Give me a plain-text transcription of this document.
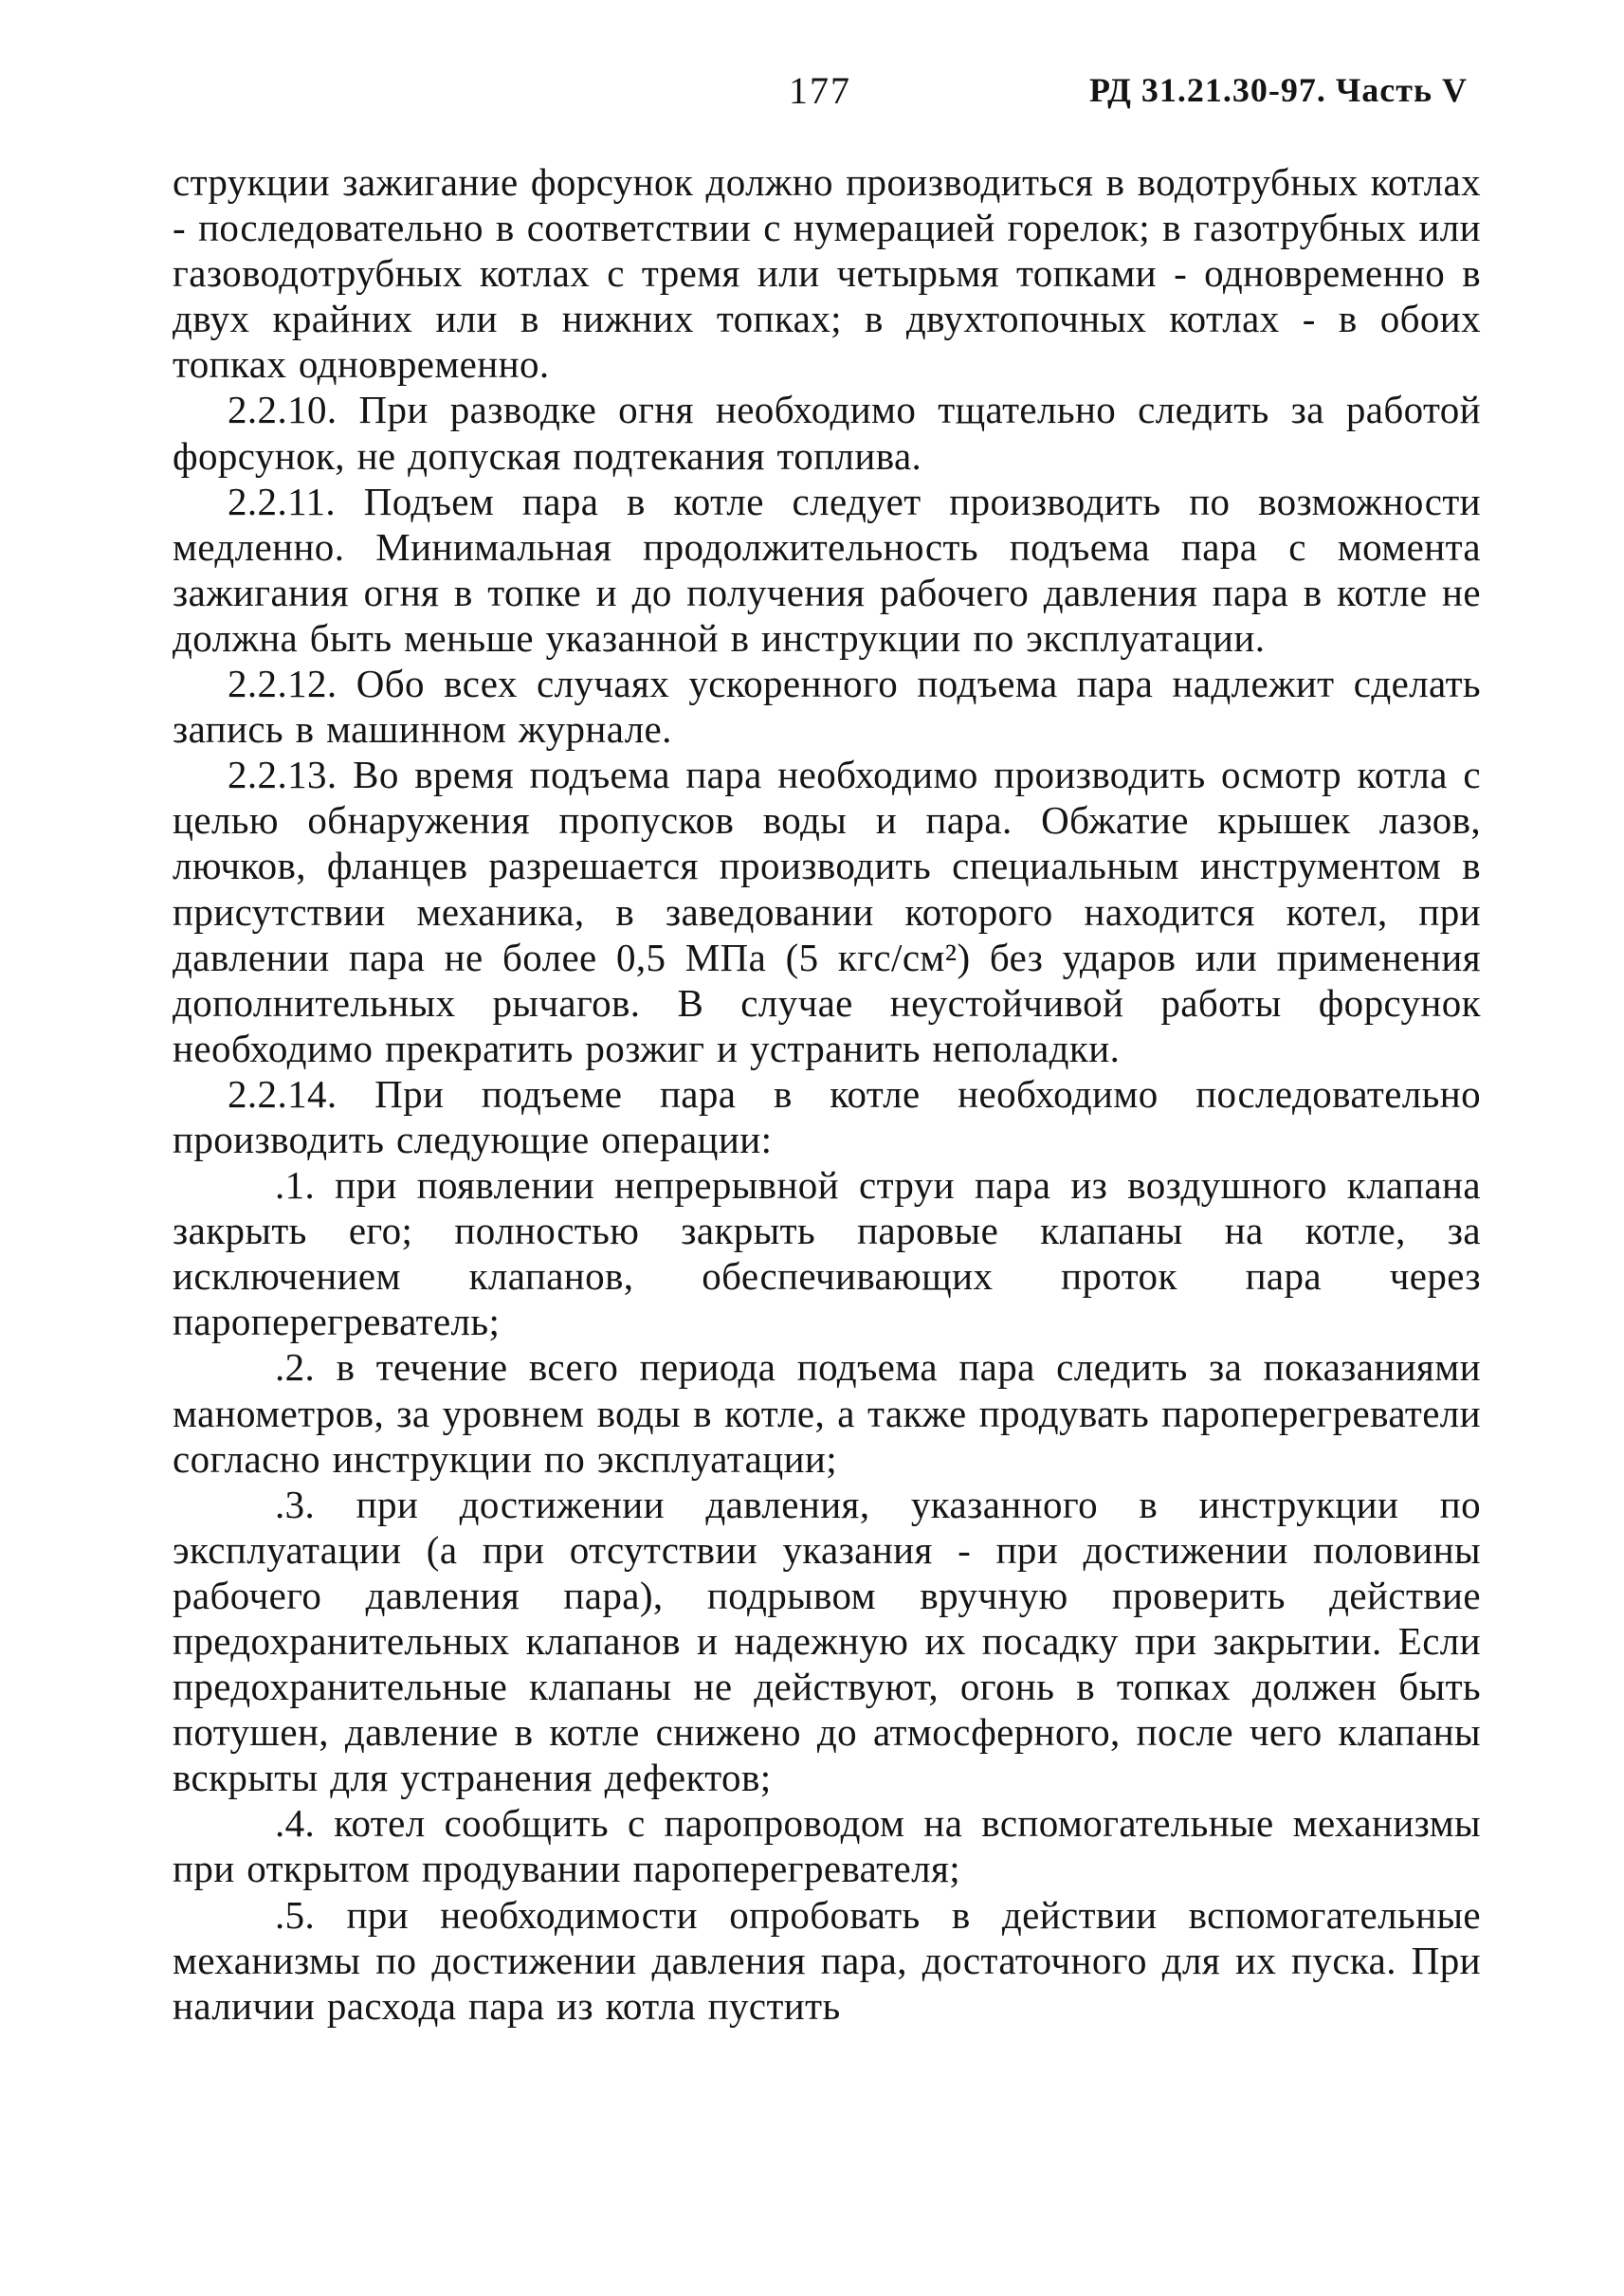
177	РД 31.21.30-97. Часть V

струкции зажигание форсунок должно производиться в водотрубных котлах - последовательно в соответствии с нумерацией горелок; в газотрубных или газоводотрубных котлах с тремя или четырьмя топками - одновременно в двух крайних или в нижних топках; в двухтопочных котлах - в обоих топках одновременно.

2.2.10. При разводке огня необходимо тщательно следить за работой форсунок, не допуская подтекания топлива.

2.2.11. Подъем пара в котле следует производить по возможности медленно. Минимальная продолжительность подъема пара с момента зажигания огня в топке и до получения рабочего давления пара в котле не должна быть меньше указанной в инструкции по эксплуатации.

2.2.12. Обо всех случаях ускоренного подъема пара надлежит сделать запись в машинном журнале.

2.2.13. Во время подъема пара необходимо производить осмотр котла с целью обнаружения пропусков воды и пара. Обжатие крышек лазов, лючков, фланцев разрешается производить специальным инструментом в присутствии механика, в заведовании которого находится котел, при давлении пара не более 0,5 МПа (5 кгс/см²) без ударов или применения дополнительных рычагов. В случае неустойчивой работы форсунок необходимо прекратить розжиг и устранить неполадки.

2.2.14. При подъеме пара в котле необходимо последовательно производить следующие операции:

.1. при появлении непрерывной струи пара из воздушного клапана закрыть его; полностью закрыть паровые клапаны на котле, за исключением клапанов, обеспечивающих проток пара через пароперегреватель;

.2. в течение всего периода подъема пара следить за показаниями манометров, за уровнем воды в котле, а также продувать пароперегреватели согласно инструкции по эксплуатации;

.3. при достижении давления, указанного в инструкции по эксплуатации (а при отсутствии указания - при достижении половины рабочего давления пара), подрывом вручную проверить действие предохранительных клапанов и надежную их посадку при закрытии. Если предохранительные клапаны не действуют, огонь в топках должен быть потушен, давление в котле снижено до атмосферного, после чего клапаны вскрыты для устранения дефектов;

.4. котел сообщить с паропроводом на вспомогательные механизмы при открытом продувании пароперегревателя;

.5. при необходимости опробовать в действии вспомогательные механизмы по достижении давления пара, достаточного для их пуска. При наличии расхода пара из котла пустить
